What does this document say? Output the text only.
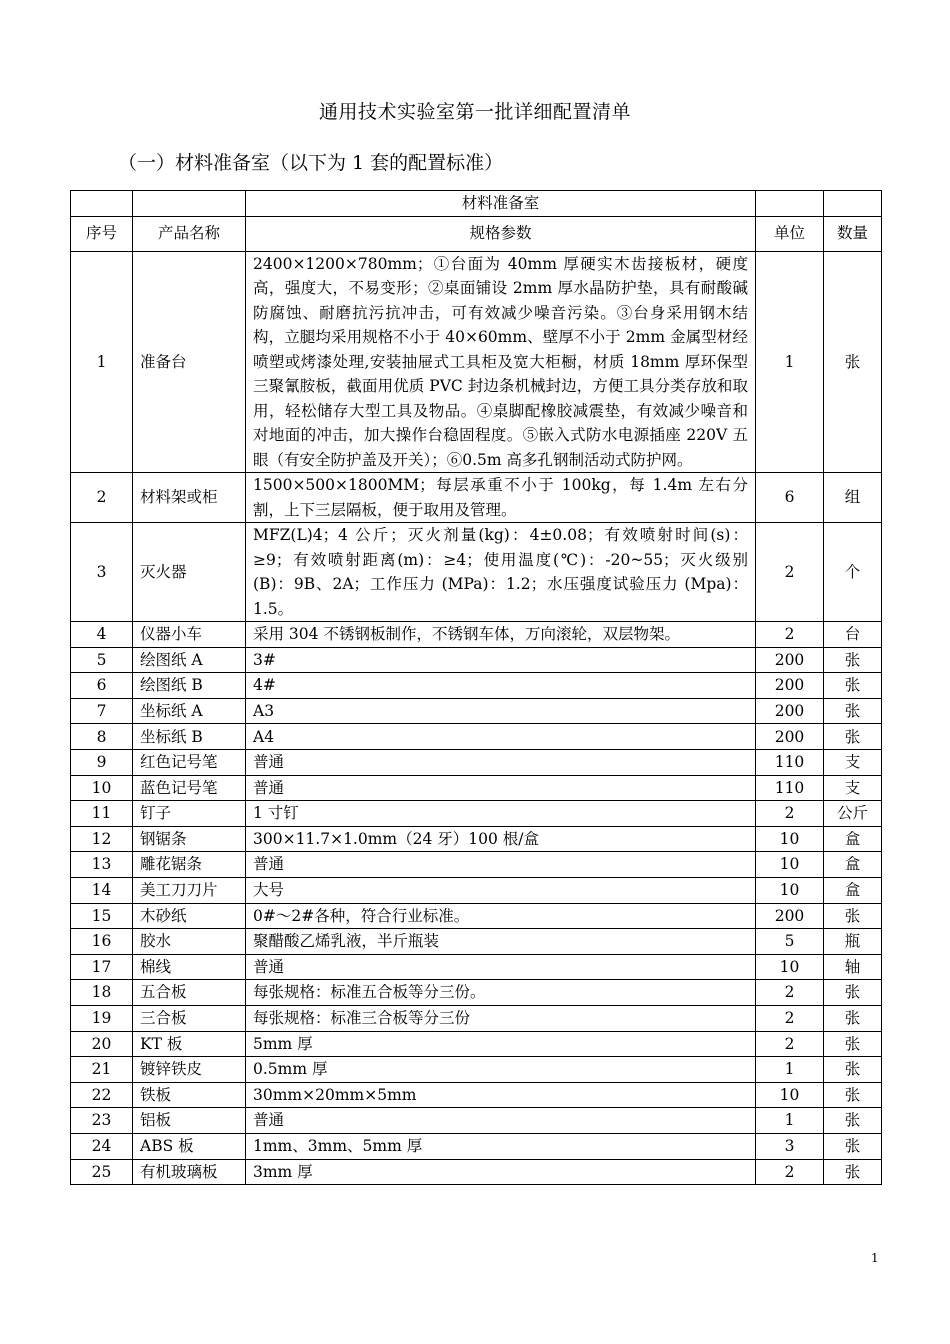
通用技术实验室第一批详细配置清单
（一）材料准备室（以下为 1 套的配置标准）
		材料准备室		
序号	产品名称	规格参数	单位	数量
1	准备台	2400×1200×780mm；①台面为 40mm 厚硬实木齿接板材，硬度高，强度大，不易变形；②桌面铺设 2mm 厚水晶防护垫，具有耐酸碱防腐蚀、耐磨抗污抗冲击，可有效减少噪音污染。③台身采用钢木结构，立腿均采用规格不小于 40×60mm、壁厚不小于 2mm 金属型材经喷塑或烤漆处理,安装抽屉式工具柜及宽大柜橱，材质 18mm 厚环保型三聚氰胺板，截面用优质 PVC 封边条机械封边，方便工具分类存放和取用，轻松储存大型工具及物品。④桌脚配橡胶减震垫，有效减少噪音和对地面的冲击，加大操作台稳固程度。⑤嵌入式防水电源插座 220V 五眼（有安全防护盖及开关）；⑥0.5m 高多孔钢制活动式防护网。	1	张
2	材料架或柜	1500×500×1800MM；每层承重不小于 100kg，每 1.4m 左右分割，上下三层隔板，便于取用及管理。	6	组
3	灭火器	MFZ(L)4；4 公斤；灭火剂量(kg)：4±0.08；有效喷射时间(s)：≥9；有效喷射距离(m)：≥4；使用温度(℃)：-20~55；灭火级别 (B)：9B、2A；工作压力 (MPa)：1.2；水压强度试验压力 (Mpa)：1.5。	2	个
4	仪器小车	采用 304 不锈钢板制作，不锈钢车体，万向滚轮，双层物架。	2	台
5	绘图纸 A	3#	200	张
6	绘图纸 B	4#	200	张
7	坐标纸 A	A3	200	张
8	坐标纸 B	A4	200	张
9	红色记号笔	普通	110	支
10	蓝色记号笔	普通	110	支
11	钉子	1 寸钉	2	公斤
12	钢锯条	300×11.7×1.0mm（24 牙）100 根/盒	10	盒
13	雕花锯条	普通	10	盒
14	美工刀刀片	大号	10	盒
15	木砂纸	0#～2#各种，符合行业标准。	200	张
16	胶水	聚醋酸乙烯乳液，半斤瓶装	5	瓶
17	棉线	普通	10	轴
18	五合板	每张规格：标准五合板等分三份。	2	张
19	三合板	每张规格：标准三合板等分三份	2	张
20	KT 板	5mm 厚	2	张
21	镀锌铁皮	0.5mm 厚	1	张
22	铁板	30mm×20mm×5mm	10	张
23	铝板	普通	1	张
24	ABS 板	1mm、3mm、5mm 厚	3	张
25	有机玻璃板	3mm 厚	2	张
1
